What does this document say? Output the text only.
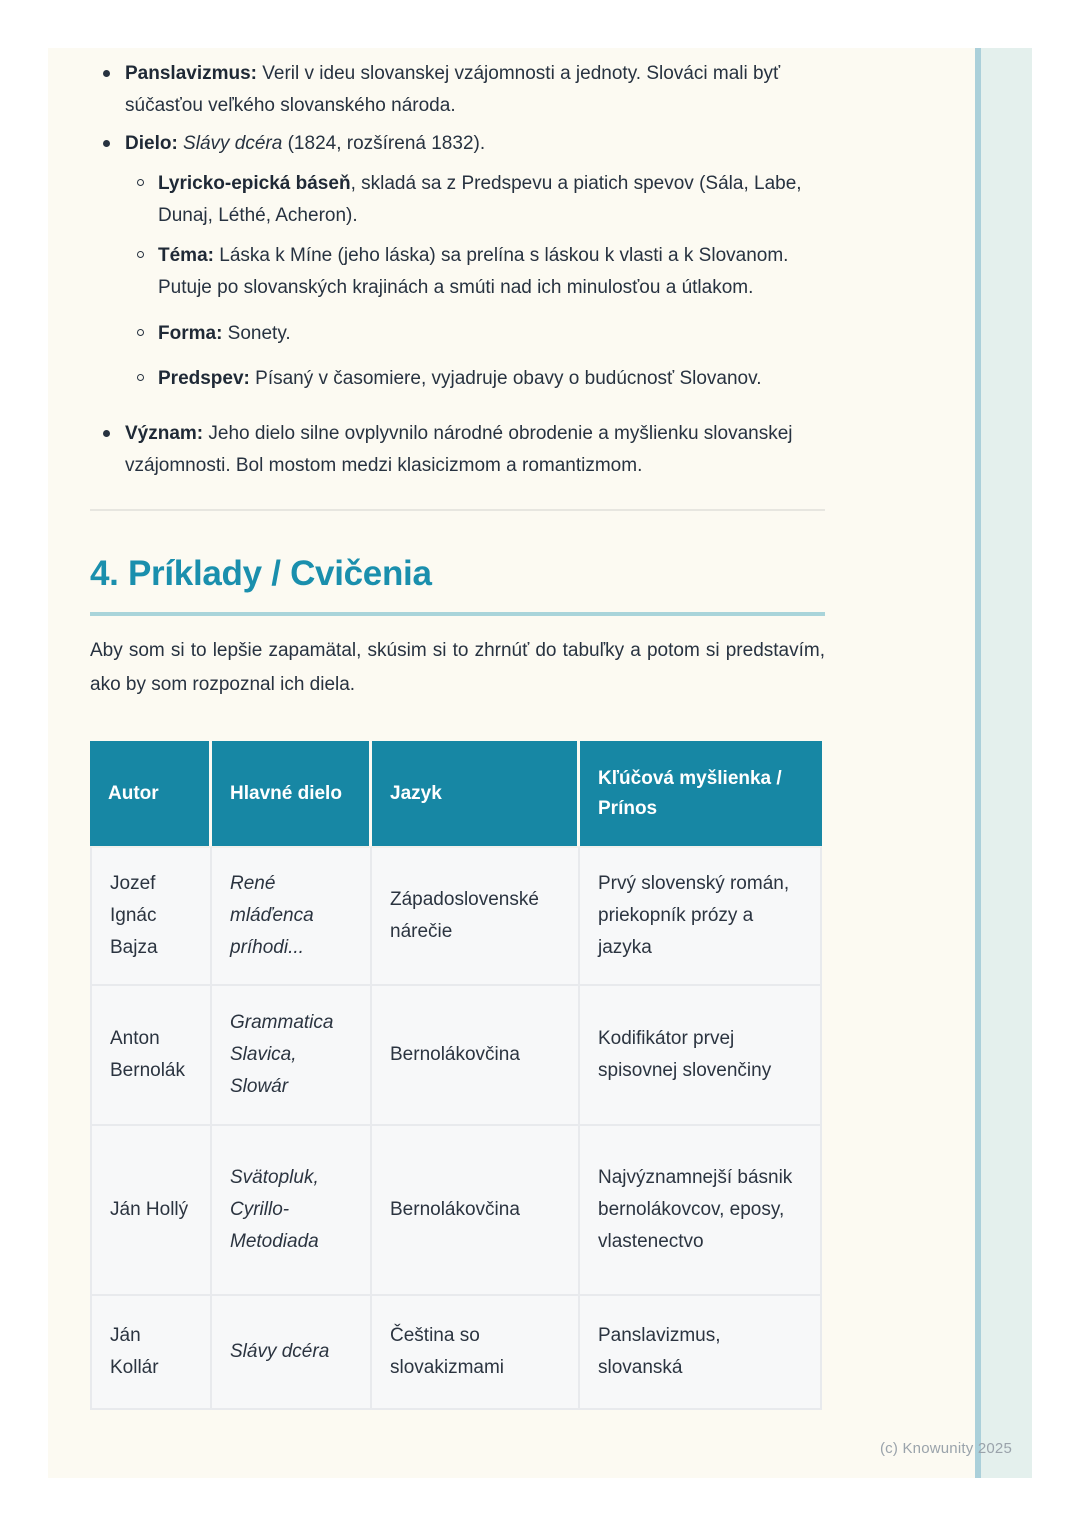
Panslavizmus: Veril v ideu slovanskej vzájomnosti a jednoty. Slováci mali byť súčasťou veľkého slovanského národa.
Dielo: Slávy dcéra (1824, rozšírená 1832).
Lyricko-epická báseň, skladá sa z Predspevu a piatich spevov (Sála, Labe, Dunaj, Léthé, Acheron).
Téma: Láska k Míne (jeho láska) sa prelína s láskou k vlasti a k Slovanom. Putuje po slovanských krajinách a smúti nad ich minulosťou a útlakom.
Forma: Sonety.
Predspev: Písaný v časomiere, vyjadruje obavy o budúcnosť Slovanov.
Význam: Jeho dielo silne ovplyvnilo národné obrodenie a myšlienku slovanskej vzájomnosti. Bol mostom medzi klasicizmom a romantizmom.
4. Príklady / Cvičenia

Aby som si to lepšie zapamätal, skúsim si to zhrnúť do tabuľky a potom si predstavím, ako by som rozpoznal ich diela.

Autor	Hlavné dielo	Jazyk	Kľúčová myšlienka / Prínos
Jozef Ignác Bajza	René mláďenca príhodi...	Západoslovenské nárečie	Prvý slovenský román, priekopník prózy a jazyka
Anton Bernolák	Grammatica Slavica, Slowár	Bernolákovčina	Kodifikátor prvej spisovnej slovenčiny
Ján Hollý	Svätopluk, Cyrillo-Metodiada	Bernolákovčina	Najvýznamnejší básnik bernolákovcov, eposy, vlastenectvo
Ján Kollár	Slávy dcéra	Čeština so slovakizmami	Panslavizmus, slovanská
(c) Knowunity 2025
